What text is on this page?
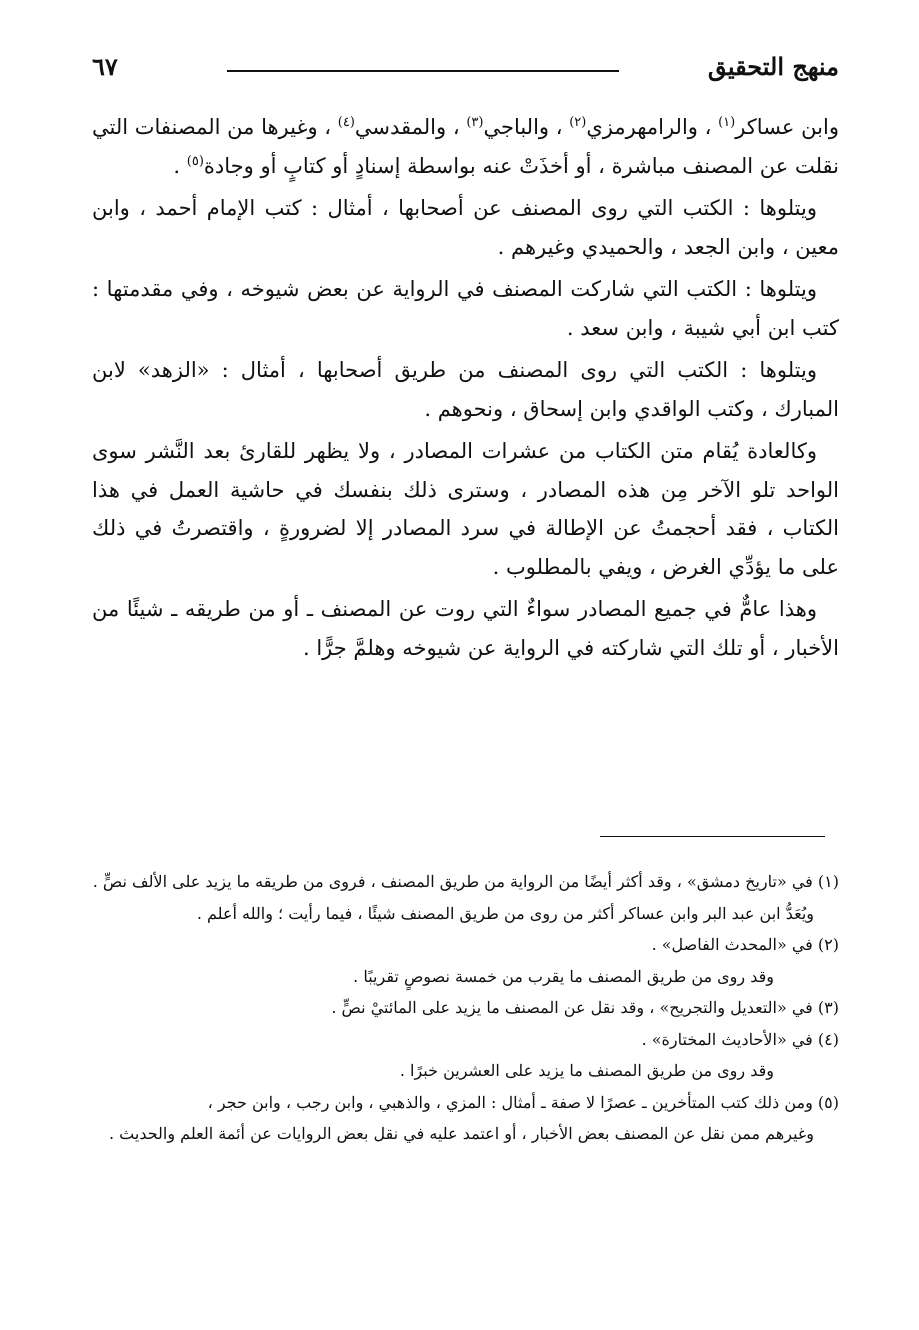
منهج التحقيق
٦٧

وابن عساكر$^{(١)}$ ، والرامهرمزي$^{(٢)}$ ، والباجي$^{(٣)}$ ، والمقدسي$^{(٤)}$ ، وغيرها من المصنفات التي نقلت عن المصنف مباشرة ، أو أخذَتْ عنه بواسطة إسنادٍ أو كتابٍ أو وجادة$^{(٥)}$ .

ويتلوها : الكتب التي روى المصنف عن أصحابها ، أمثال : كتب الإمام أحمد ، وابن معين ، وابن الجعد ، والحميدي وغيرهم .

ويتلوها : الكتب التي شاركت المصنف في الرواية عن بعض شيوخه ، وفي مقدمتها : كتب ابن أبي شيبة ، وابن سعد .

ويتلوها : الكتب التي روى المصنف من طريق أصحابها ، أمثال : «الزهد» لابن المبارك ، وكتب الواقدي وابن إسحاق ، ونحوهم .

وكالعادة يُقام متن الكتاب من عشرات المصادر ، ولا يظهر للقارئ بعد النَّشر سوى الواحد تلو الآخر مِن هذه المصادر ، وسترى ذلك بنفسك في حاشية العمل في هذا الكتاب ، فقد أحجمتُ عن الإطالة في سرد المصادر إلا لضرورةٍ ، واقتصرتُ في ذلك على ما يؤدِّي الغرض ، ويفي بالمطلوب .

وهذا عامٌّ في جميع المصادر سواءٌ التي روت عن المصنف ـ أو من طريقه ـ شيئًا من الأخبار ، أو تلك التي شاركته في الرواية عن شيوخه وهلمَّ جرًّا .

(١) في «تاريخ دمشق» ، وقد أكثر أيضًا من الرواية من طريق المصنف ، فروى من طريقه ما يزيد على الألف نصٍّ .

ويُعَدُّ ابن عبد البر وابن عساكر أكثر من روى من طريق المصنف شيئًا ، فيما رأيت ؛ والله أعلم .

(٢) في «المحدث الفاصل» .

وقد روى من طريق المصنف ما يقرب من خمسة نصوصٍ تقريبًا .

(٣) في «التعديل والتجريح» ، وقد نقل عن المصنف ما يزيد على المائتيْ نصٍّ .

(٤) في «الأحاديث المختارة» .

وقد روى من طريق المصنف ما يزيد على العشرين خبرًا .

(٥) ومن ذلك كتب المتأخرين ـ عصرًا لا صفة ـ أمثال : المزي ، والذهبي ، وابن رجب ، وابن حجر ،

وغيرهم ممن نقل عن المصنف بعض الأخبار ، أو اعتمد عليه في نقل بعض الروايات عن أئمة العلم والحديث .
